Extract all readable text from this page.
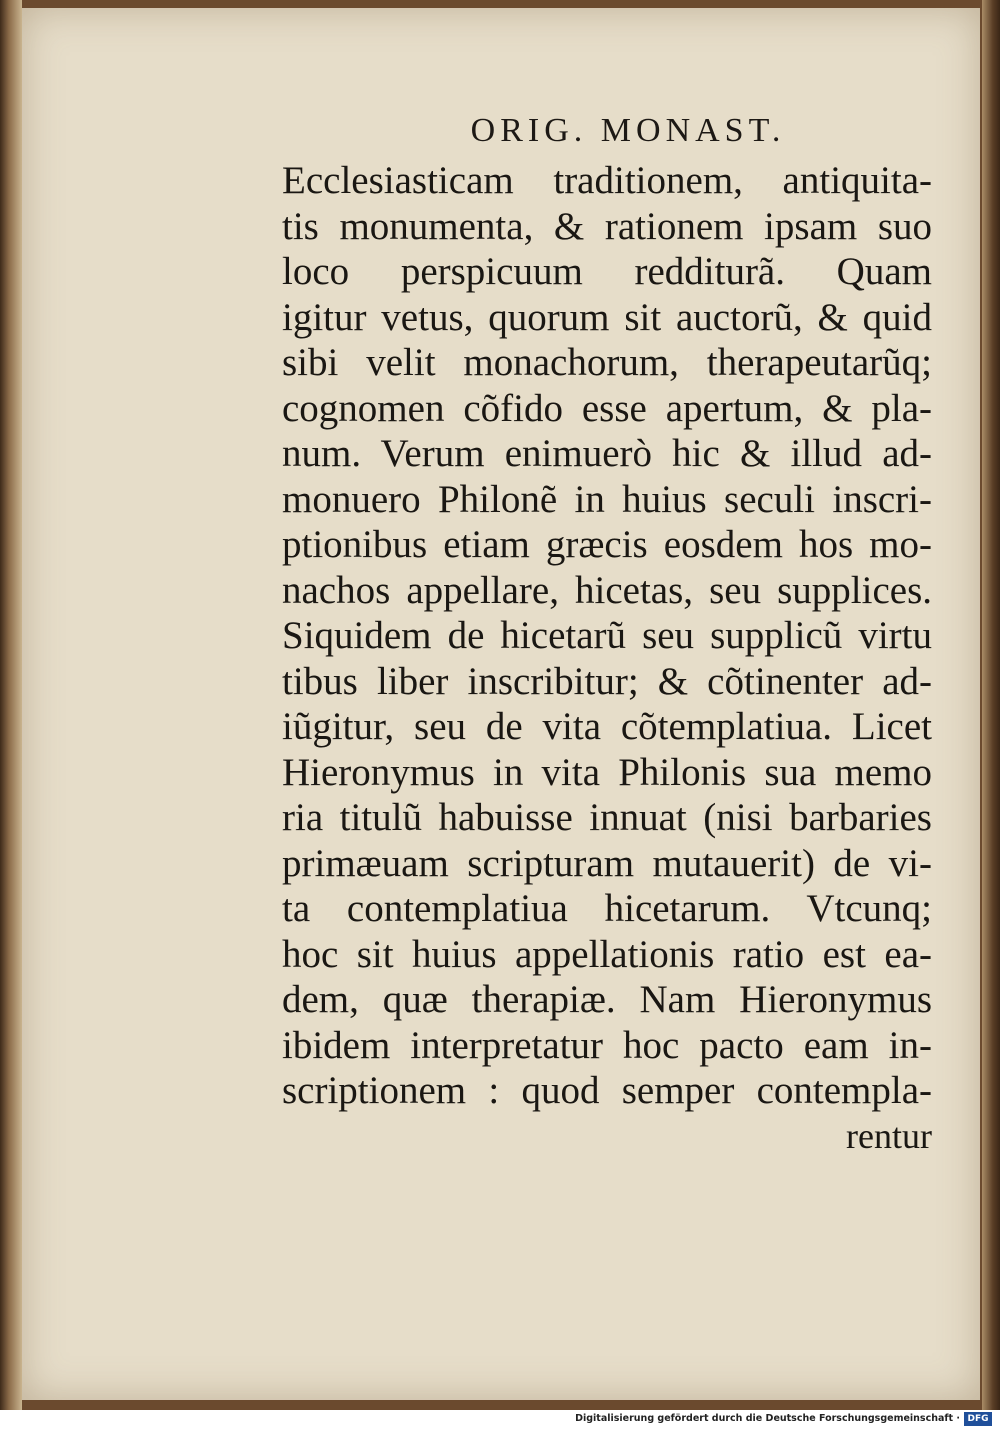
ORIG. MONAST.
Ecclesiasticam traditionem, antiquita-
tis monumenta, & rationem ipsam suo
loco perspicuum redditurã. Quam
igitur vetus, quorum sit auctorũ, & quid
sibi velit monachorum, therapeutarũq;
cognomen cõfido esse apertum, & pla-
num. Verum enimuerò hic & illud ad-
monuero Philonẽ in huius seculi inscri-
ptionibus etiam græcis eosdem hos mo-
nachos appellare, hicetas, seu supplices.
Siquidem de hicetarũ seu supplicũ virtu
tibus liber inscribitur; & cõtinenter ad-
iũgitur, seu de vita cõtemplatiua. Licet
Hieronymus in vita Philonis sua memo
ria titulũ habuisse innuat (nisi barbaries
primæuam scripturam mutauerit) de vi-
ta contemplatiua hicetarum. Vtcunq;
hoc sit huius appellationis ratio est ea-
dem, quæ therapiæ. Nam Hieronymus
ibidem interpretatur hoc pacto eam in-
scriptionem : quod semper contempla-
rentur
Digitalisierung gefördert durch die Deutsche Forschungsgemeinschaft · DFG
